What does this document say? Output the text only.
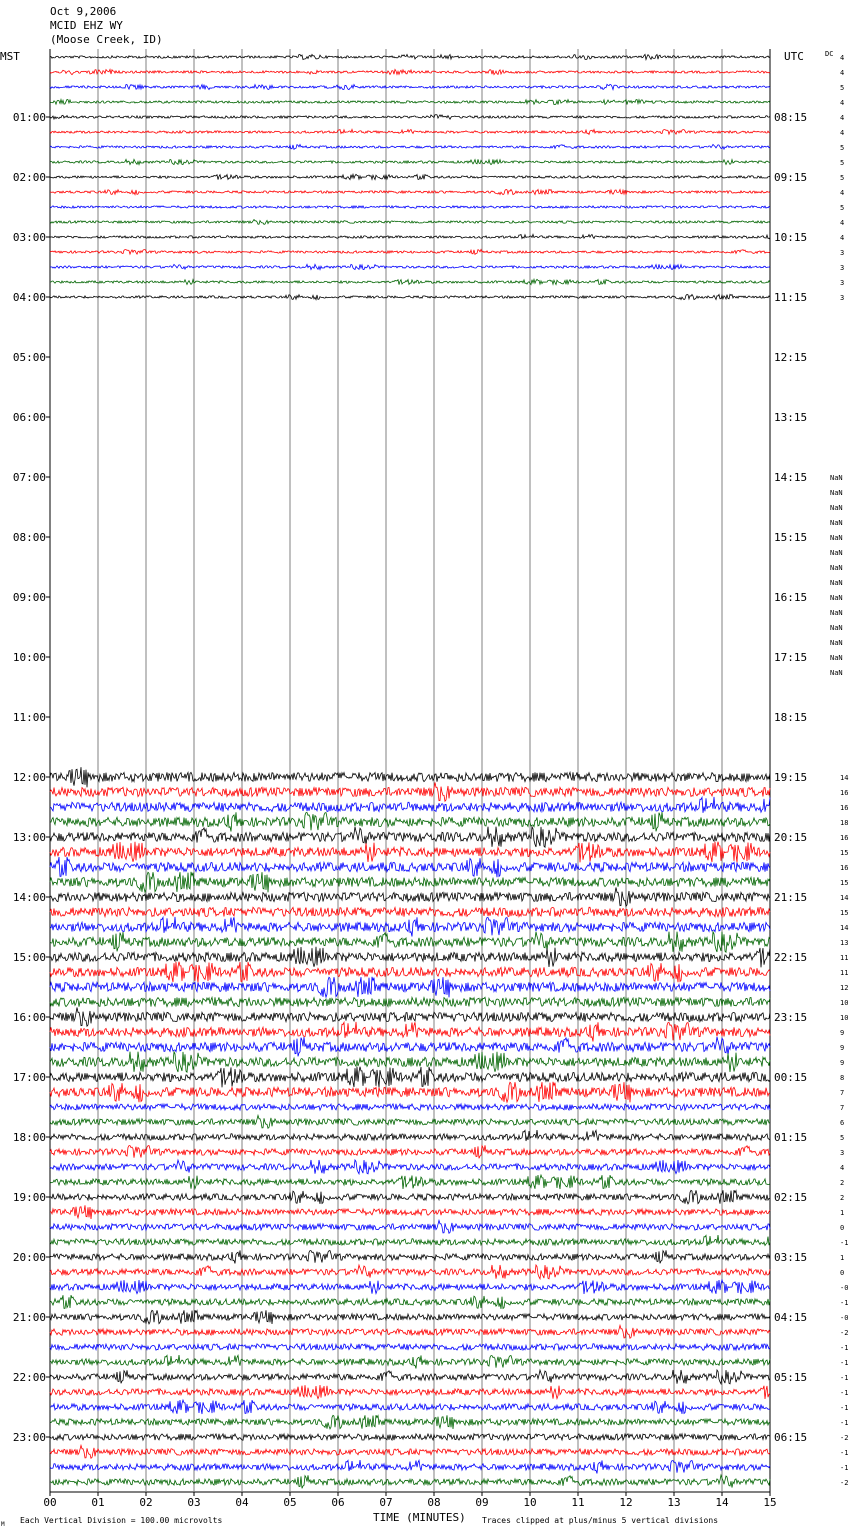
Oct 9,2006
MCID EHZ WY
(Moose Creek, ID)
00	01	02	03	04	05	06	07	08	09	10	11	12	13	14	15
4
4
5
4
4
4
5
5
5
4
5
4
4
3
3
3
3
14
16
16
18
16
15
16
15
14
15
14
13
11
11
12
10
10
9
9
9
8
7
7
6
5
3
4
2
2
1
0
-1
1
0
-0
-1
-0
-2
-1
-1
-1
-1
-1
-1
-2
-1
-1
-2
NaN
NaN
NaN
NaN
NaN
NaN
NaN
NaN
NaN
NaN
NaN
NaN
NaN
NaN
01:00
02:00
03:00
04:00
05:00
06:00
07:00
08:00
09:00
10:00
11:00
12:00
13:00
14:00
15:00
16:00
17:00
18:00
19:00
20:00
21:00
22:00
23:00
08:15
09:15
10:15
11:15
12:15
13:15
14:15
15:15
16:15
17:15
18:15
19:15
20:15
21:15
22:15
23:15
00:15
01:15
02:15
03:15
04:15
05:15
06:15
MST	UTC	DC
TIME (MINUTES)
Each Vertical Division = 100.00 microvolts	Traces clipped at plus/minus 5 vertical divisions
M
